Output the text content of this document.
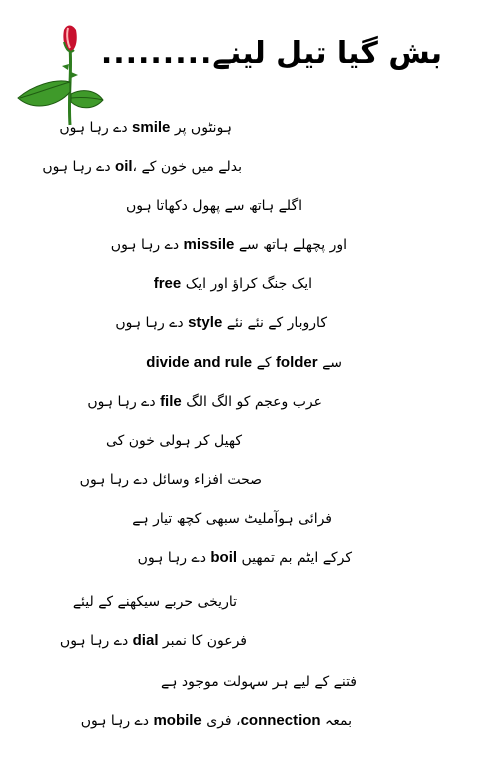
بش گیا تیل لینے.........
ہونٹوں پر smile دے رہا ہوں
بدلے میں خون کے ،oil دے رہا ہوں
اگلے ہاتھ سے پھول دکھاتا ہوں
اور پچھلے ہاتھ سے missile دے رہا ہوں
ایک جنگ کراؤ اور ایک free
کاروبار کے نئے نئے style دے رہا ہوں
divide and rule کے folder سے
عرب وعجم کو الگ الگ file دے رہا ہوں
کھیل کر ہولی خون کی
صحت افزاء وسائل دے رہا ہوں
فرائی ہوآملیٹ سبھی کچھ تیار ہے
کرکے ایٹم بم تمھیں boil دے رہا ہوں
تاریخی حربے سیکھنے کے لیئے
فرعون کا نمبر dial دے رہا ہوں
فتنے کے لیے ہر سہولت موجود ہے
بمعہ connection، فری mobile دے رہا ہوں
